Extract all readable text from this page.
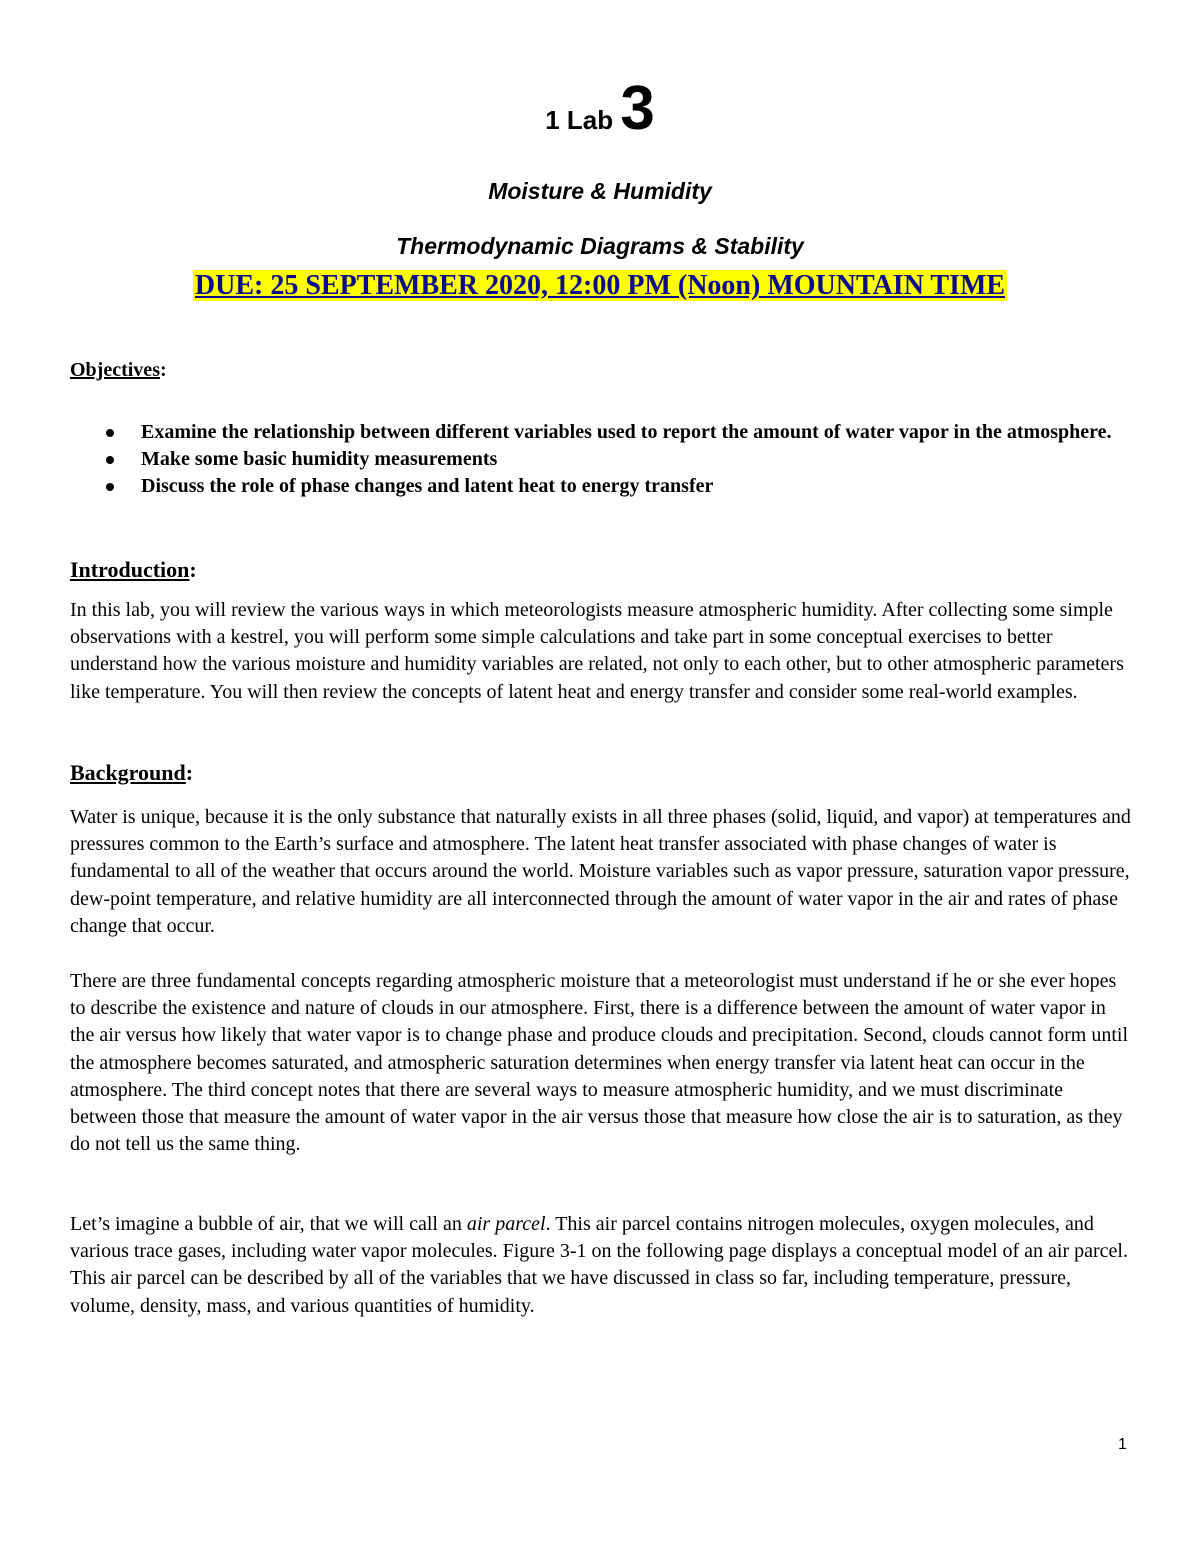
1 Lab 3
Moisture & Humidity
Thermodynamic Diagrams & Stability
DUE: 25 SEPTEMBER 2020, 12:00 PM (Noon) MOUNTAIN TIME
Objectives:
Examine the relationship between different variables used to report the amount of water vapor in the atmosphere.
Make some basic humidity measurements
Discuss the role of phase changes and latent heat to energy transfer
Introduction:

In this lab, you will review the various ways in which meteorologists measure atmospheric humidity. After collecting some simple observations with a kestrel, you will perform some simple calculations and take part in some conceptual exercises to better understand how the various moisture and humidity variables are related, not only to each other, but to other atmospheric parameters like temperature. You will then review the concepts of latent heat and energy transfer and consider some real-world examples.

Background:

Water is unique, because it is the only substance that naturally exists in all three phases (solid, liquid, and vapor) at temperatures and pressures common to the Earth’s surface and atmosphere. The latent heat transfer associated with phase changes of water is fundamental to all of the weather that occurs around the world. Moisture variables such as vapor pressure, saturation vapor pressure, dew-point temperature, and relative humidity are all interconnected through the amount of water vapor in the air and rates of phase change that occur.

There are three fundamental concepts regarding atmospheric moisture that a meteorologist must understand if he or she ever hopes to describe the existence and nature of clouds in our atmosphere. First, there is a difference between the amount of water vapor in the air versus how likely that water vapor is to change phase and produce clouds and precipitation. Second, clouds cannot form until the atmosphere becomes saturated, and atmospheric saturation determines when energy transfer via latent heat can occur in the atmosphere. The third concept notes that there are several ways to measure atmospheric humidity, and we must discriminate between those that measure the amount of water vapor in the air versus those that measure how close the air is to saturation, as they do not tell us the same thing.

Let’s imagine a bubble of air, that we will call an air parcel. This air parcel contains nitrogen molecules, oxygen molecules, and various trace gases, including water vapor molecules. Figure 3-1 on the following page displays a conceptual model of an air parcel. This air parcel can be described by all of the variables that we have discussed in class so far, including temperature, pressure, volume, density, mass, and various quantities of humidity.

1
